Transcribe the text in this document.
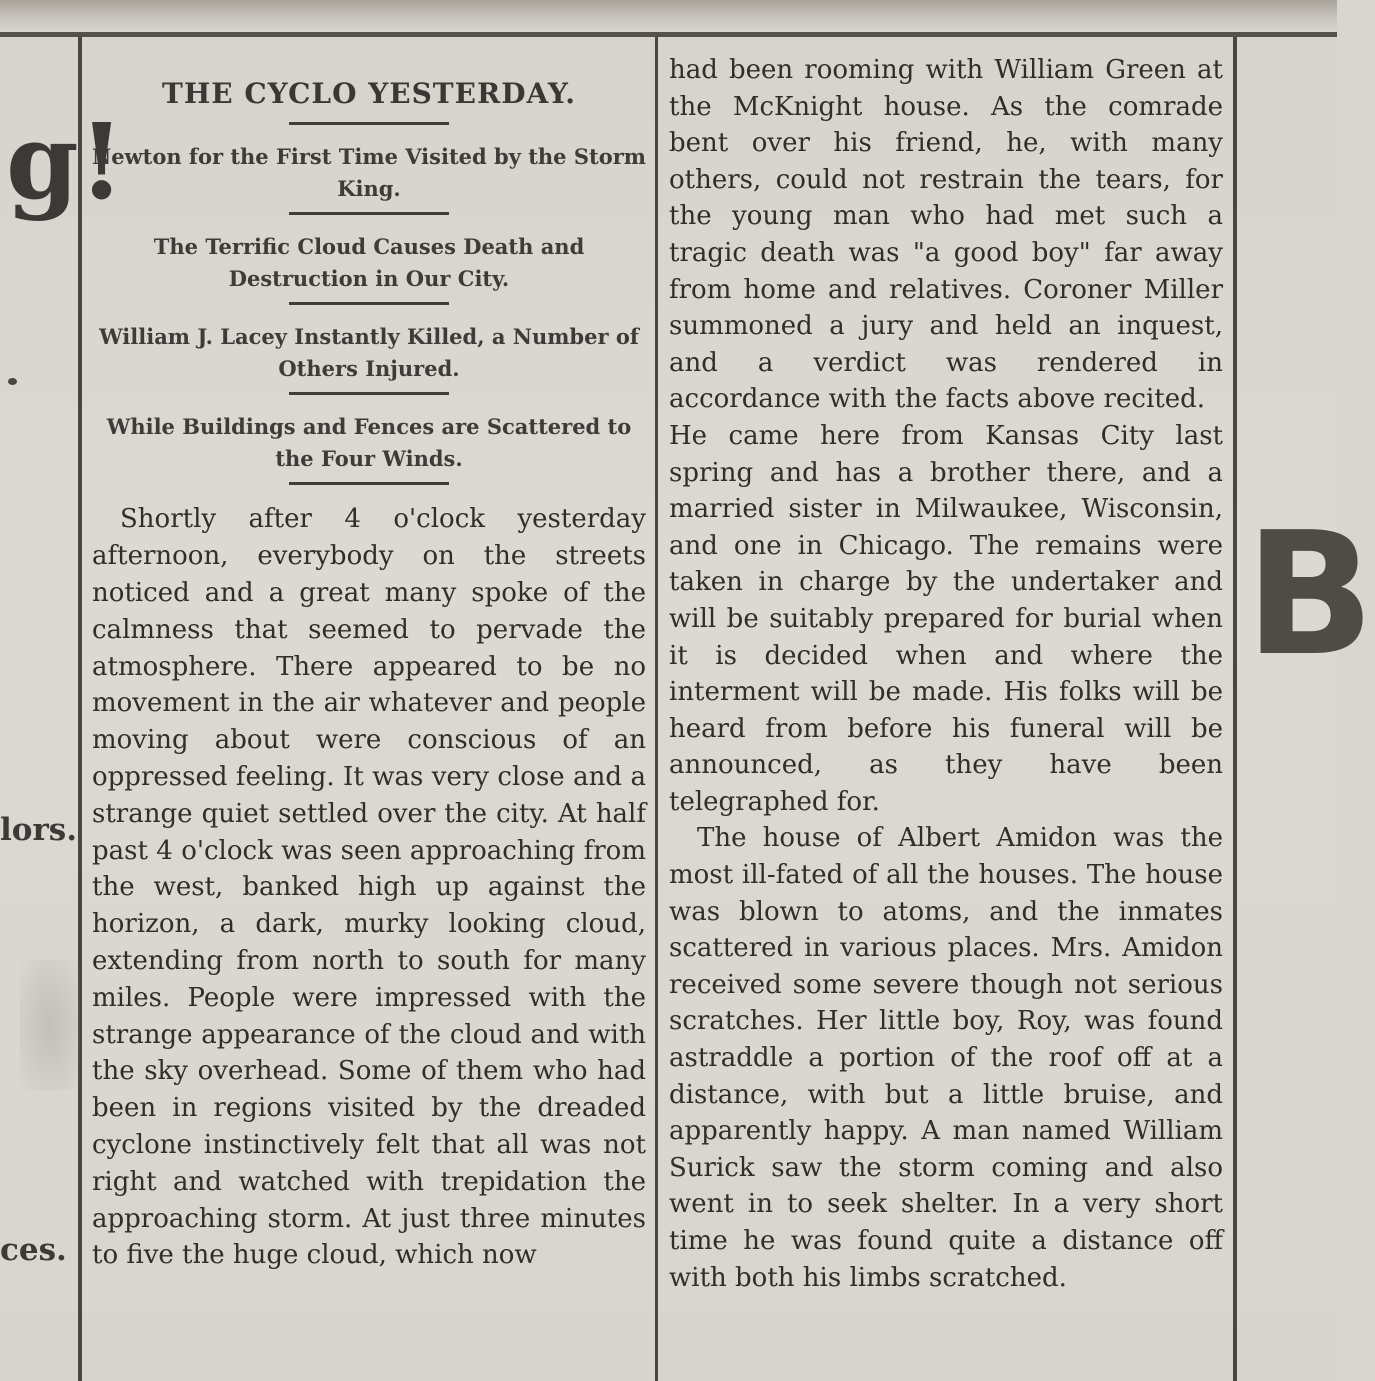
g!
lors.
ces.
B
THE CYCLO YESTERDAY.

Newton for the First Time Visited by the Storm King.

The Terrific Cloud Causes Death and Destruction in Our City.

William J. Lacey Instantly Killed, a Number of Others Injured.

While Buildings and Fences are Scattered to the Four Winds.

Shortly after 4 o'clock yesterday afternoon, everybody on the streets noticed and a great many spoke of the calmness that seemed to pervade the atmosphere. There appeared to be no movement in the air whatever and people moving about were conscious of an oppressed feeling. It was very close and a strange quiet settled over the city. At half past 4 o'clock was seen approaching from the west, banked high up against the horizon, a dark, murky looking cloud, extending from north to south for many miles. People were impressed with the strange appearance of the cloud and with the sky overhead. Some of them who had been in regions visited by the dreaded cyclone instinctively felt that all was not right and watched with trepidation the approaching storm. At just three minutes to five the huge cloud, which now

had been rooming with William Green at the McKnight house. As the comrade bent over his friend, he, with many others, could not restrain the tears, for the young man who had met such a tragic death was "a good boy" far away from home and relatives. Coroner Miller summoned a jury and held an inquest, and a verdict was rendered in accordance with the facts above recited.

He came here from Kansas City last spring and has a brother there, and a married sister in Milwaukee, Wisconsin, and one in Chicago. The remains were taken in charge by the undertaker and will be suitably prepared for burial when it is decided when and where the interment will be made. His folks will be heard from before his funeral will be announced, as they have been telegraphed for.

The house of Albert Amidon was the most ill-fated of all the houses. The house was blown to atoms, and the inmates scattered in various places. Mrs. Amidon received some severe though not serious scratches. Her little boy, Roy, was found astraddle a portion of the roof off at a distance, with but a little bruise, and apparently happy. A man named William Surick saw the storm coming and also went in to seek shelter. In a very short time he was found quite a distance off with both his limbs scratched.
